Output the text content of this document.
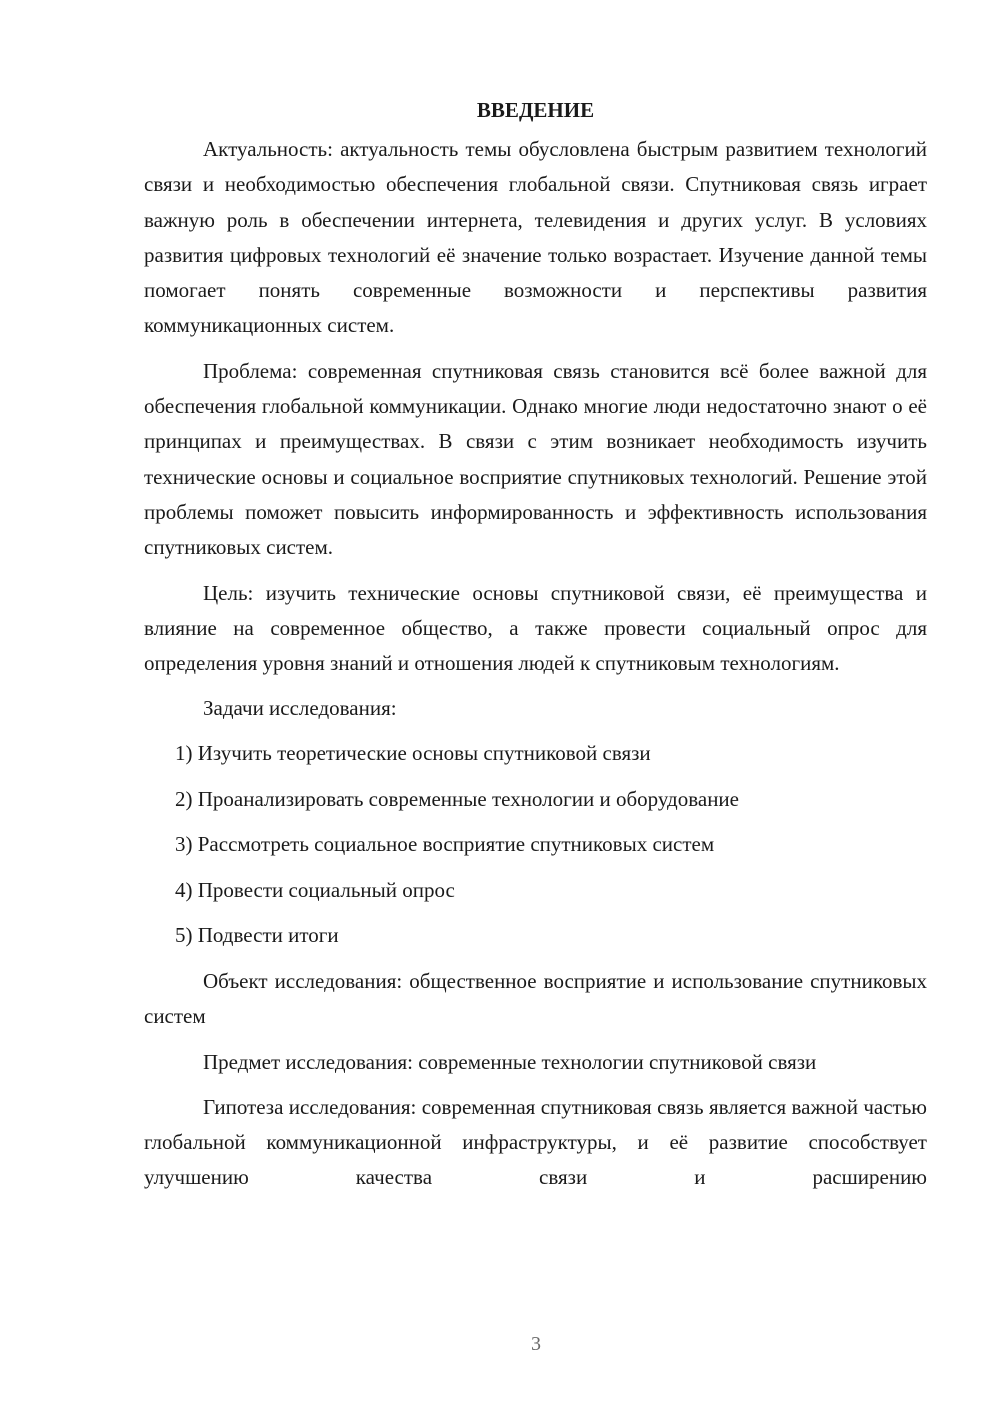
ВВЕДЕНИЕ

Актуальность: актуальность темы обусловлена быстрым развитием технологий связи и необходимостью обеспечения глобальной связи. Спутниковая связь играет важную роль в обеспечении интернета, телевидения и других услуг. В условиях развития цифровых технологий её значение только возрастает. Изучение данной темы помогает понять современные возможности и перспективы развития коммуникационных систем.

Проблема: современная спутниковая связь становится всё более важной для обеспечения глобальной коммуникации. Однако многие люди недостаточно знают о её принципах и преимуществах. В связи с этим возникает необходимость изучить технические основы и социальное восприятие спутниковых технологий. Решение этой проблемы поможет повысить информированность и эффективность использования спутниковых систем.

Цель: изучить технические основы спутниковой связи, её преимущества и влияние на современное общество, а также провести социальный опрос для определения уровня знаний и отношения людей к спутниковым технологиям.

Задачи исследования:

1) Изучить теоретические основы спутниковой связи
2) Проанализировать современные технологии и оборудование
3) Рассмотреть социальное восприятие спутниковых систем
4) Провести социальный опрос
5) Подвести итоги

Объект исследования: общественное восприятие и использование спутниковых систем

Предмет исследования: современные технологии спутниковой связи

Гипотеза исследования: современная спутниковая связь является важной частью глобальной коммуникационной инфраструктуры, и её развитие способствует улучшению качества связи и расширению

3
